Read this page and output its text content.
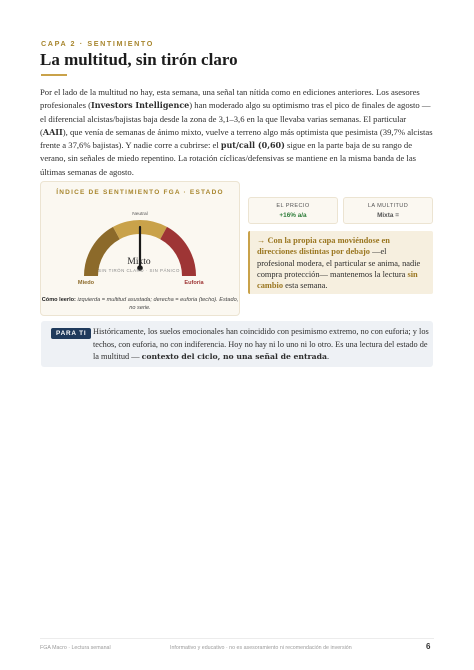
CAPA 2 · SENTIMIENTO
La multitud, sin tirón claro

Por el lado de la multitud no hay, esta semana, una señal tan nítida como en ediciones anteriores. Los asesores profesionales (Investors Intelligence) han moderado algo su optimismo tras el pico de finales de agosto — el diferencial alcistas/bajistas baja desde la zona de 3,1–3,6 en la que llevaba varias semanas. El particular (AAII), que venía de semanas de ánimo mixto, vuelve a terreno algo más optimista que pesimista (39,7% alcistas frente a 37,6% bajistas). Y nadie corre a cubrirse: el put/call (0,60) sigue en la parte baja de su rango de verano, sin señales de miedo repentino. La rotación cíclicas/defensivas se mantiene en la misma banda de las últimas semanas de agosto.

ÍNDICE DE SENTIMIENTO FGA · ESTADO
Neutral
Mixto
SIN TIRÓN CLARO · SIN PÁNICO
Miedo	Euforia
Cómo leerlo: izquierda = multitud asustada; derecha = euforia (techo). Estado, no serie.
EL PRECIO
+16% a/a
LA MULTITUD
Mixta =
→ Con la propia capa moviéndose en direcciones distintas por debajo —el profesional modera, el particular se anima, nadie compra protección— mantenemos la lectura sin cambio esta semana.
PARA TI Históricamente, los suelos emocionales han coincidido con pesimismo extremo, no con euforia; y los techos, con euforia, no con indiferencia. Hoy no hay ni lo uno ni lo otro. Es una lectura del estado de la multitud — contexto del ciclo, no una señal de entrada.

FGA Macro · Lectura semanal	Informativo y educativo · no es asesoramiento ni recomendación de inversión	6
